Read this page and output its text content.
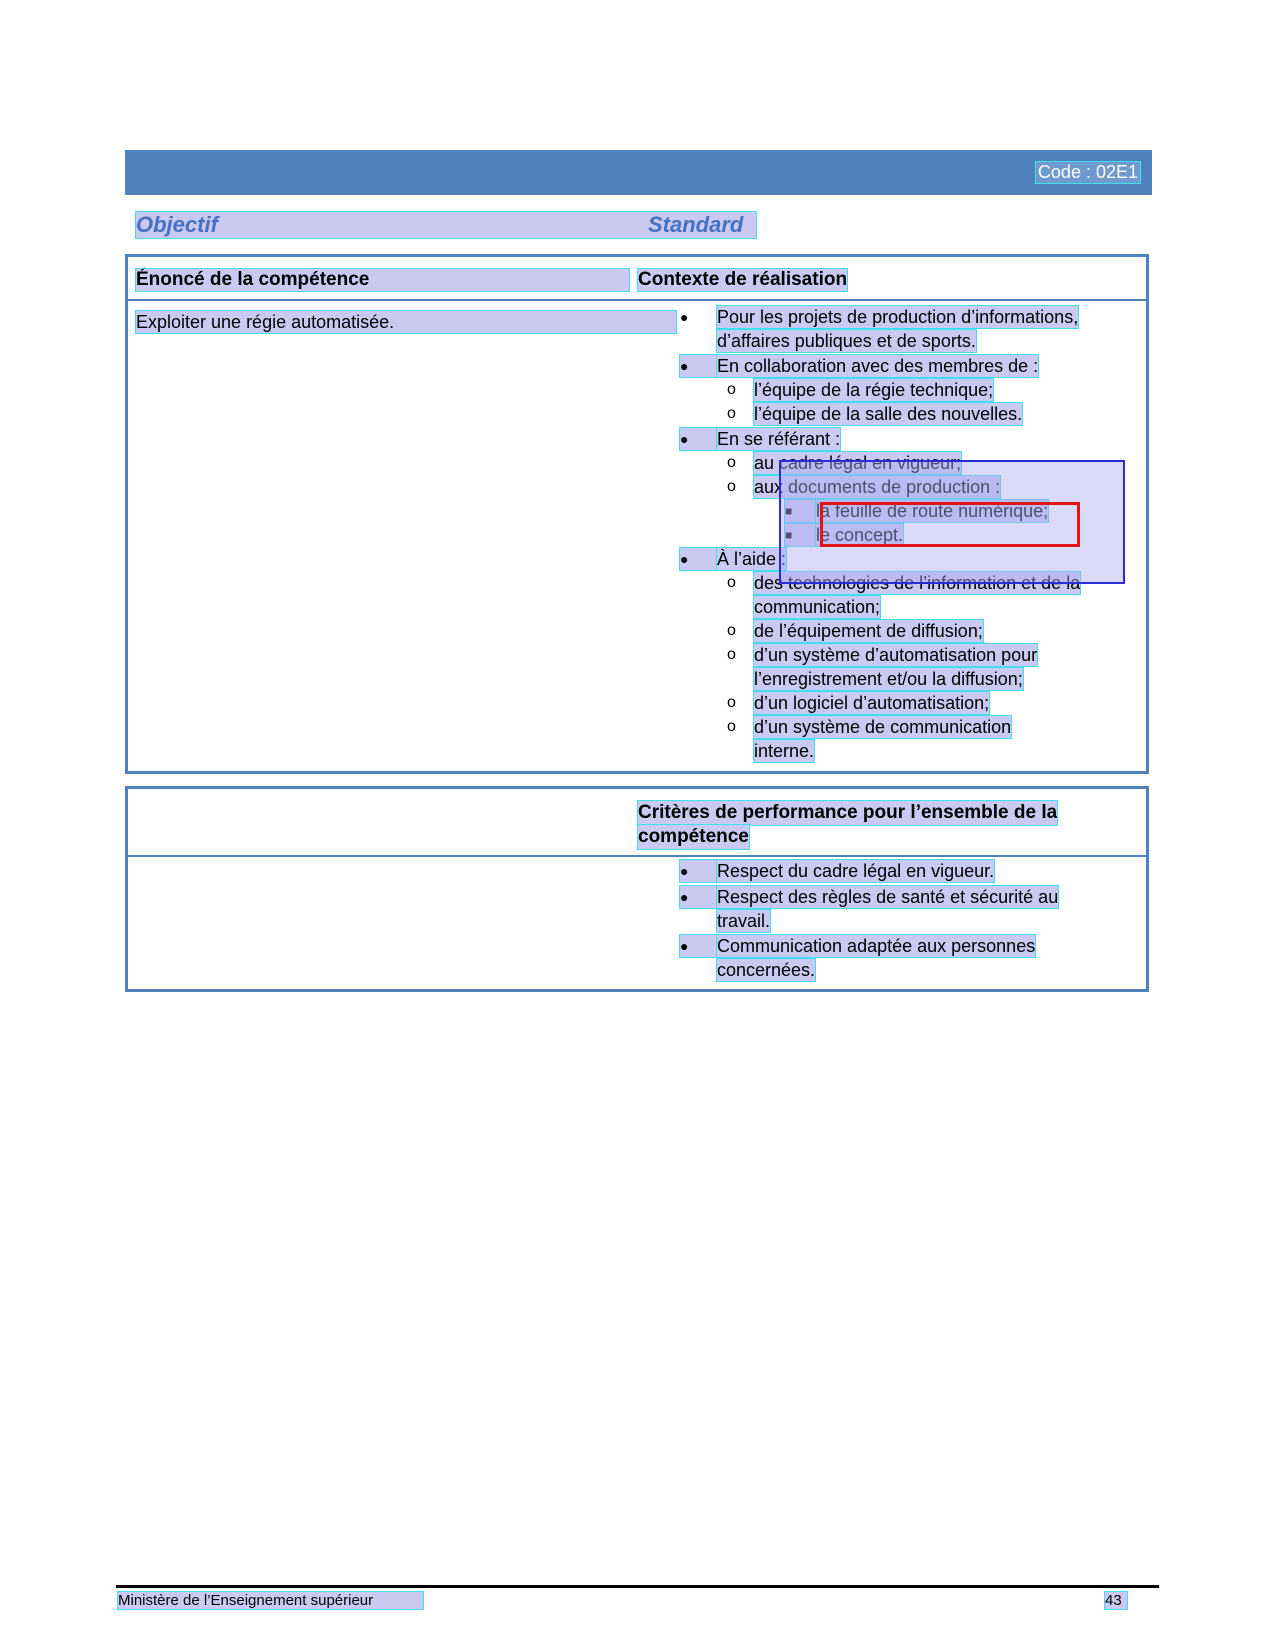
Code : 02E1
Objectif	Standard
Énoncé de la compétence	Contexte de réalisation
Exploiter une régie automatisée.	● Pour les projets de production d’informations,
d’affaires publiques et de sports.
●	En collaboration avec des membres de :
o l’équipe de la régie technique;
o l’équipe de la salle des nouvelles.
●	En se référant :
o au cadre légal en vigueur;
o aux documents de production :
■	la feuille de route numérique;
■	le concept.
●	À l’aide :
o des technologies de l’information et de la
communication;
o de l’équipement de diffusion;
o d’un système d’automatisation pour
l’enregistrement et/ou la diffusion;
o d’un logiciel d’automatisation;
o d’un système de communication
interne.
Critères de performance pour l’ensemble de la
compétence
●	Respect du cadre légal en vigueur.
●	Respect des règles de santé et sécurité au
travail.
●	Communication adaptée aux personnes
concernées.
Ministère de l’Enseignement supérieur	43
